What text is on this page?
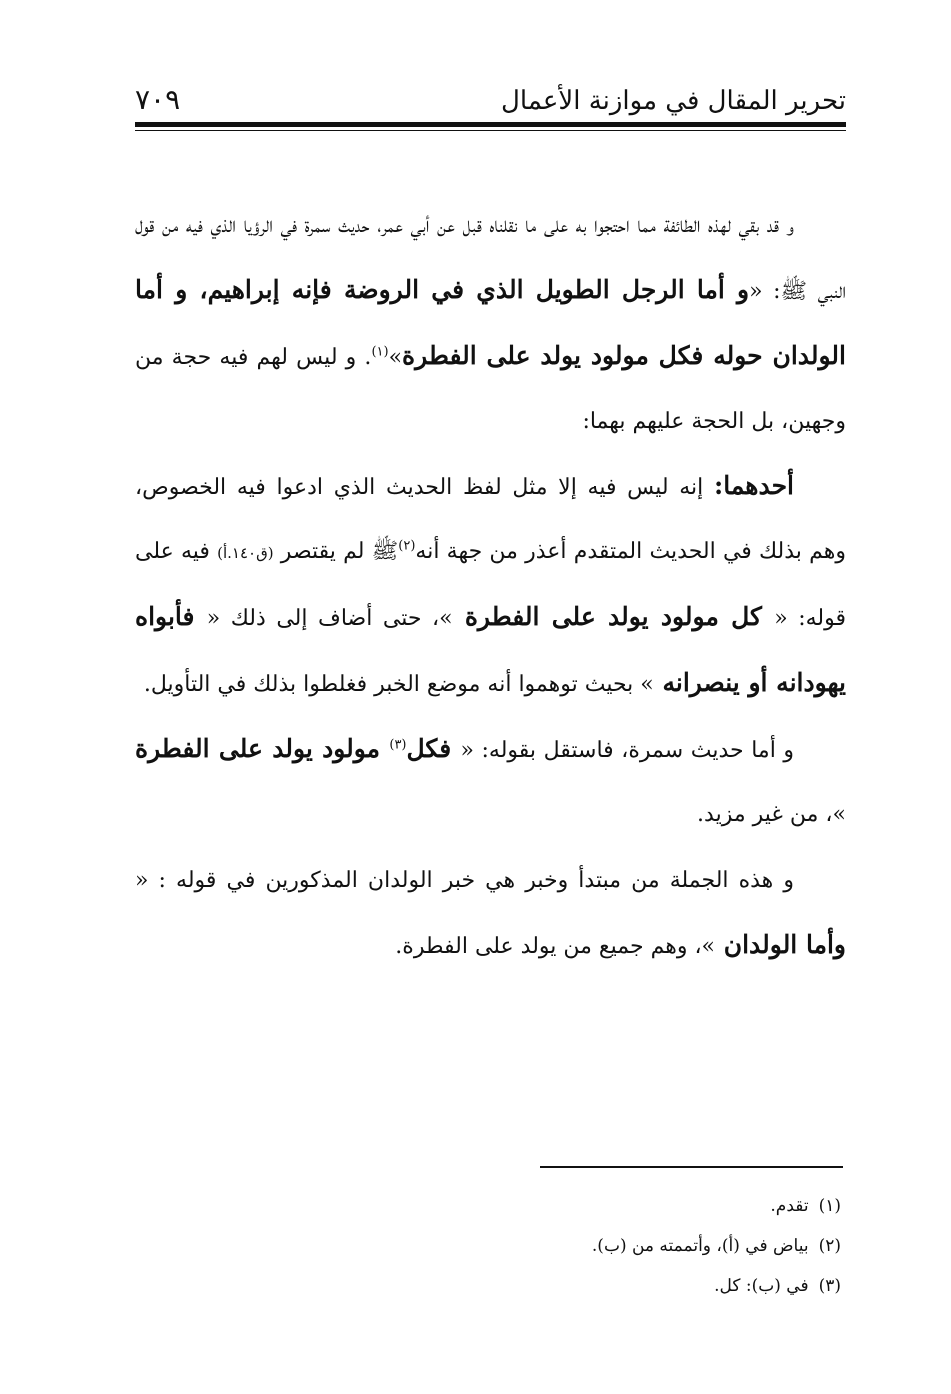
٧٠٩	تحرير المقال في موازنة الأعمال

و قد بقي لهذه الطائفة مما احتجوا به على ما نقلناه قبل عن أبي عمر، حديث سمرة في الرؤيا الذي فيه من قول النبي ﷺ: «و أما الرجل الطويل الذي في الروضة فإنه إبراهيم، و أما الولدان حوله فكل مولود يولد على الفطرة»$^{(١)}$. و ليس لهم فيه حجة من وجهين، بل الحجة عليهم بهما:

أحدهما: إنه ليس فيه إلا مثل لفظ الحديث الذي ادعوا فيه الخصوص، وهم بذلك في الحديث المتقدم أعذر من جهة أنه$^{(٢)}$ﷺ لم يقتصر (ق١٤٠.أ) فيه على قوله: « كل مولود يولد على الفطرة »، حتى أضاف إلى ذلك « فأبواه يهودانه أو ينصرانه » بحيث توهموا أنه موضع الخبر فغلطوا بذلك في التأويل.

و أما حديث سمرة، فاستقل بقوله: « فكل$^{(٣)}$ مولود يولد على الفطرة »، من غير مزيد.

و هذه الجملة من مبتدأ وخبر هي خبر الولدان المذكورين في قوله : « وأما الولدان »، وهم جميع من يولد على الفطرة.

(١)
تقدم.
(٢)
بياض في (أ)، وأتممته من (ب).
(٣)
في (ب): كل.
